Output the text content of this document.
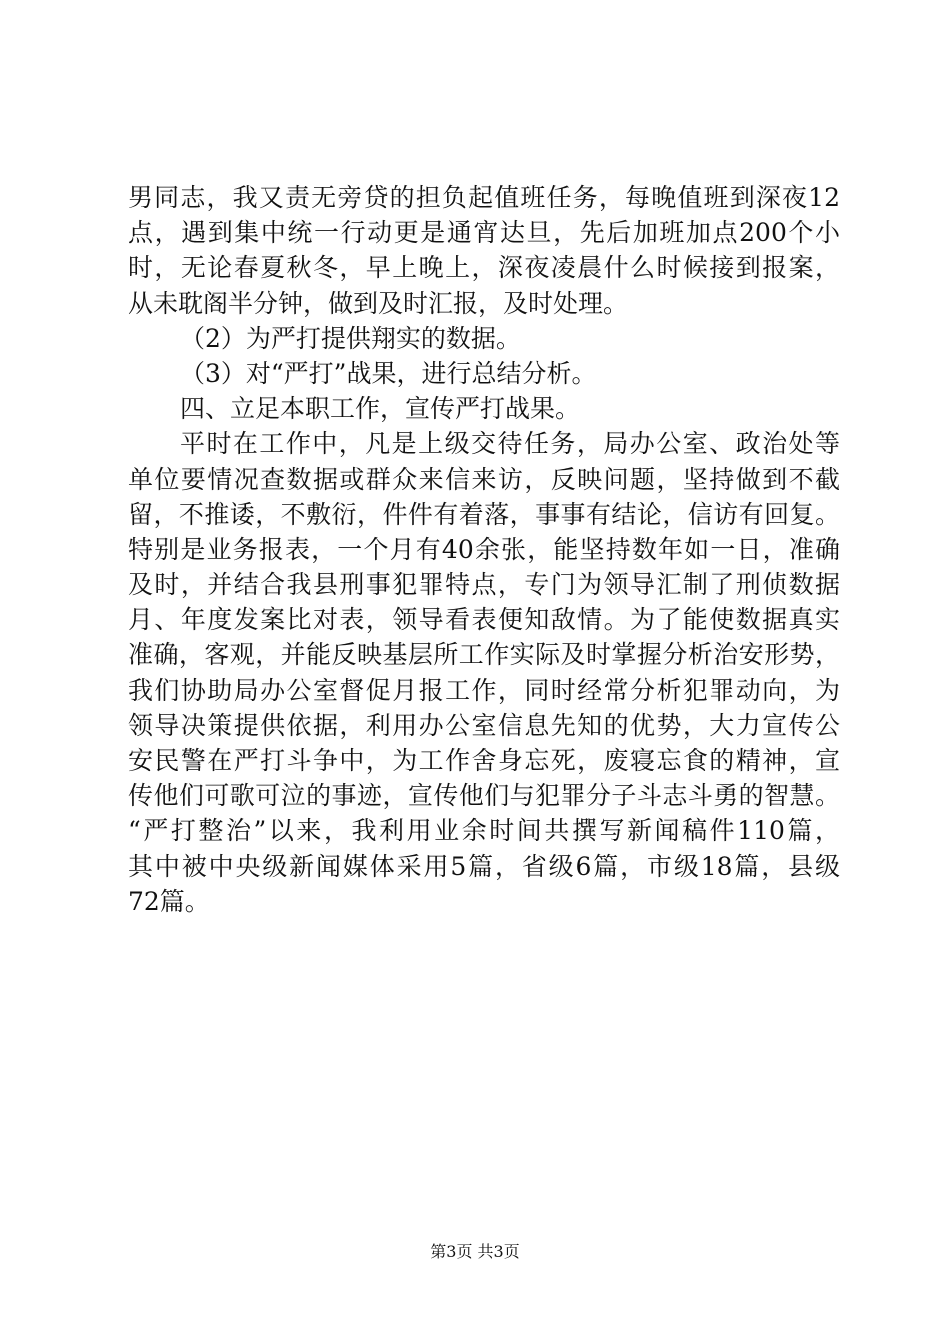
男同志，我又责无旁贷的担负起值班任务，每晚值班到深夜12
点，遇到集中统一行动更是通宵达旦，先后加班加点200个小
时，无论春夏秋冬，早上晚上，深夜凌晨什么时候接到报案，
从未耽阁半分钟，做到及时汇报，及时处理。
（2）为严打提供翔实的数据。
（3）对“严打”战果，进行总结分析。
四、立足本职工作，宣传严打战果。
平时在工作中，凡是上级交待任务，局办公室、政治处等
单位要情况查数据或群众来信来访，反映问题，坚持做到不截
留，不推诿，不敷衍，件件有着落，事事有结论，信访有回复。
特别是业务报表，一个月有40余张，能坚持数年如一日，准确
及时，并结合我县刑事犯罪特点，专门为领导汇制了刑侦数据
月、年度发案比对表，领导看表便知敌情。为了能使数据真实
准确，客观，并能反映基层所工作实际及时掌握分析治安形势，
我们协助局办公室督促月报工作，同时经常分析犯罪动向，为
领导决策提供依据，利用办公室信息先知的优势，大力宣传公
安民警在严打斗争中，为工作舍身忘死，废寝忘食的精神，宣
传他们可歌可泣的事迹，宣传他们与犯罪分子斗志斗勇的智慧。
“严打整治”以来，我利用业余时间共撰写新闻稿件110篇，
其中被中央级新闻媒体采用5篇，省级6篇，市级18篇，县级
72篇。
第3页 共3页
